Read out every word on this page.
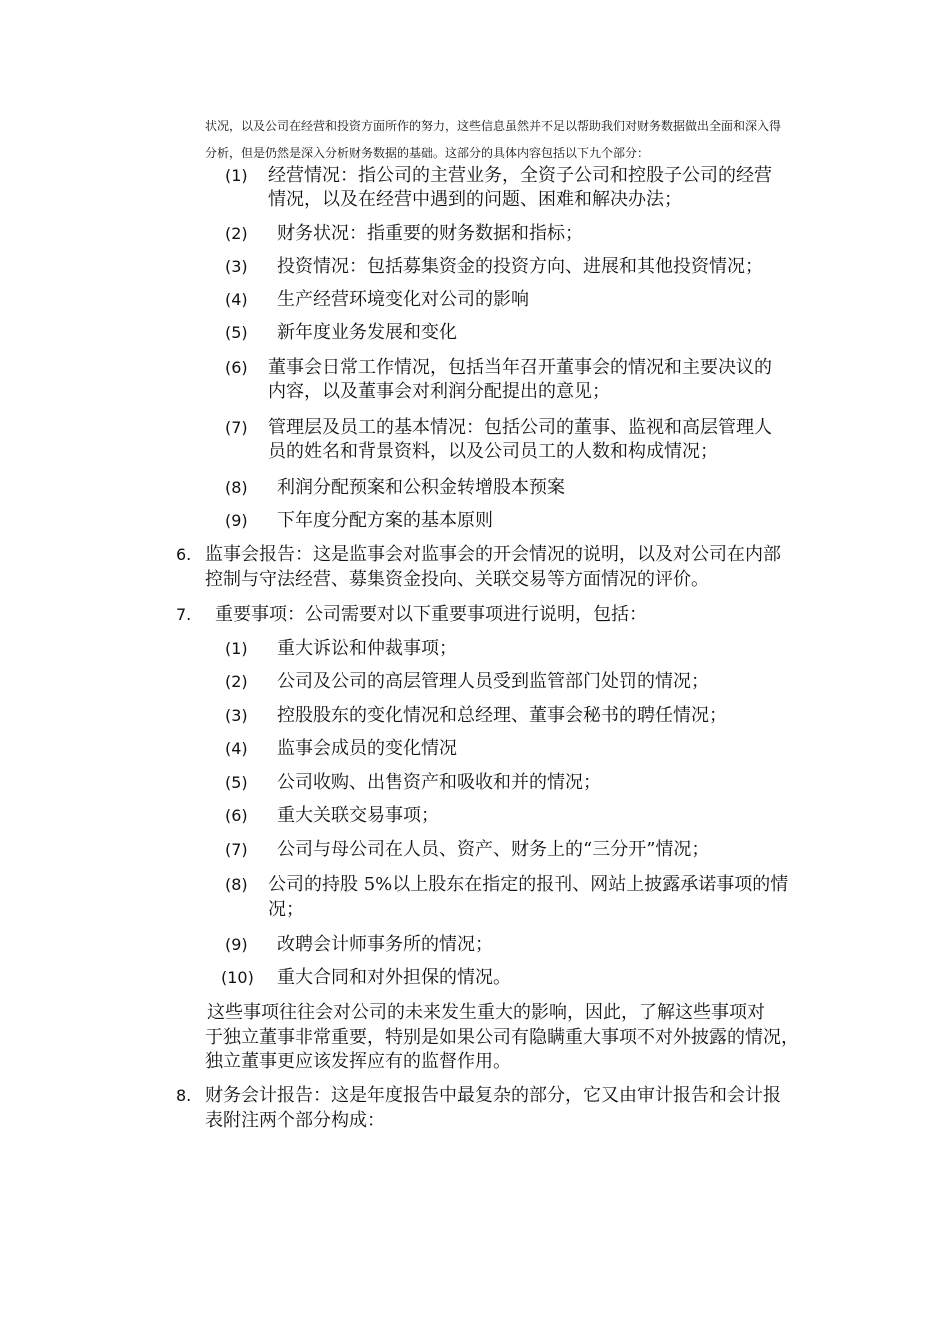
状况，以及公司在经营和投资方面所作的努力，这些信息虽然并不足以帮助我们对财务数据做出全面和深入得
分析，但是仍然是深入分析财务数据的基础。这部分的具体内容包括以下九个部分：
(1) 经营情况：指公司的主营业务，全资子公司和控股子公司的经营
情况，以及在经营中遇到的问题、困难和解决办法；
(2) 财务状况：指重要的财务数据和指标；
(3) 投资情况：包括募集资金的投资方向、进展和其他投资情况；
(4) 生产经营环境变化对公司的影响
(5) 新年度业务发展和变化
(6) 董事会日常工作情况，包括当年召开董事会的情况和主要决议的
内容，以及董事会对利润分配提出的意见；
(7) 管理层及员工的基本情况：包括公司的董事、监视和高层管理人
员的姓名和背景资料，以及公司员工的人数和构成情况；
(8) 利润分配预案和公积金转增股本预案
(9) 下年度分配方案的基本原则
6. 监事会报告：这是监事会对监事会的开会情况的说明，以及对公司在内部
控制与守法经营、募集资金投向、关联交易等方面情况的评价。
7. 重要事项：公司需要对以下重要事项进行说明，包括：
(1) 重大诉讼和仲裁事项；
(2) 公司及公司的高层管理人员受到监管部门处罚的情况；
(3) 控股股东的变化情况和总经理、董事会秘书的聘任情况；
(4) 监事会成员的变化情况
(5) 公司收购、出售资产和吸收和并的情况；
(6) 重大关联交易事项；
(7) 公司与母公司在人员、资产、财务上的“三分开”情况；
(8) 公司的持股 5%以上股东在指定的报刊、网站上披露承诺事项的情
况；
(9) 改聘会计师事务所的情况；
(10) 重大合同和对外担保的情况。
这些事项往往会对公司的未来发生重大的影响，因此，了解这些事项对
于独立董事非常重要，特别是如果公司有隐瞒重大事项不对外披露的情况，
独立董事更应该发挥应有的监督作用。
8. 财务会计报告：这是年度报告中最复杂的部分，它又由审计报告和会计报
表附注两个部分构成：
